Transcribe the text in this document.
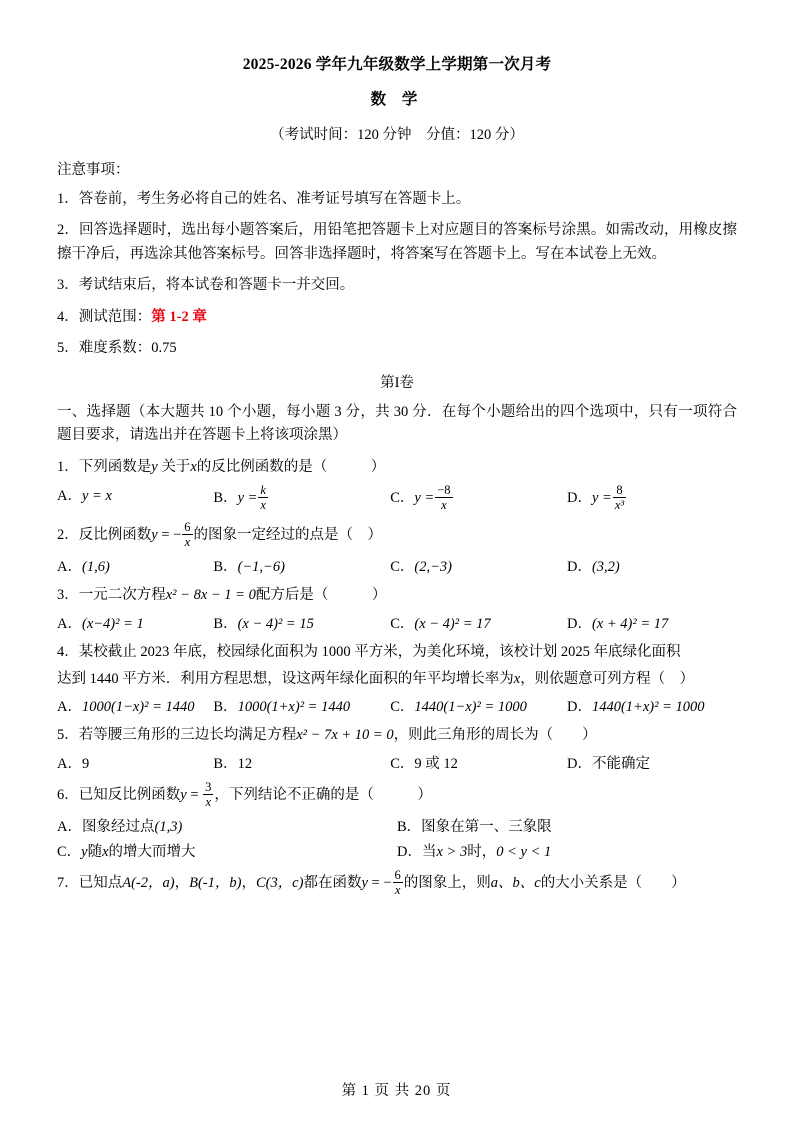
2025-2026 学年九年级数学上学期第一次月考
数 学
（考试时间：120 分钟　分值：120 分）
注意事项：
1．答卷前，考生务必将自己的姓名、准考证号填写在答题卡上。
2．回答选择题时，选出每小题答案后，用铅笔把答题卡上对应题目的答案标号涂黑。如需改动，用橡皮擦擦干净后，再选涂其他答案标号。回答非选择题时，将答案写在答题卡上。写在本试卷上无效。
3．考试结束后，将本试卷和答题卡一并交回。
4．测试范围：第 1-2 章
5．难度系数：0.75
第I卷
一、选择题（本大题共 10 个小题，每小题 3 分，共 30 分．在每个小题给出的四个选项中，只有一项符合题目要求，请选出并在答题卡上将该项涂黑）
1．下列函数是y 关于x的反比例函数的是（　　　）
A．y = x	B．$y = \frac{k}{x}$	C．$y = \frac{-8}{x}$	D．$y = \frac{8}{\text{x³}}$
2．反比例函数y = − $\frac{6}{x}$ 的图象一定经过的点是（　）
A．(1,6)	B．(−1,−6)	C．(2,−3)	D．(3,2)
3．一元二次方程x² − 8x − 1 = 0配方后是（　　　）
A．(x−4)² = 1	B．(x − 4)² = 15	C．(x − 4)² = 17	D．(x + 4)² = 17
4．某校截止 2023 年底，校园绿化面积为 1000 平方米，为美化环境，该校计划 2025 年底绿化面积
达到 1440 平方米．利用方程思想，设这两年绿化面积的年平均增长率为x，则依题意可列方程（　）
A．1000(1−x)² = 1440	B．1000(1+x)² = 1440	C．1440(1−x)² = 1000	D．1440(1+x)² = 1000
5．若等腰三角形的三边长均满足方程x² − 7x + 10 = 0，则此三角形的周长为（　　）
A．9	B．12	C．9 或 12	D．不能确定
6．已知反比例函数$y = \frac{3}{x}$ ，下列结论不正确的是（　　　）
A．图象经过点(1,3)	B．图象在第一、三象限
C．y随x的增大而增大	D．当x > 3时，0 < y < 1
7．已知点A(-2，a)，B(-1，b)，C(3，c)都在函数y = − $\frac{6}{x}$ 的图象上，则a、b、c的大小关系是（　　）
第 1 页 共 20 页
